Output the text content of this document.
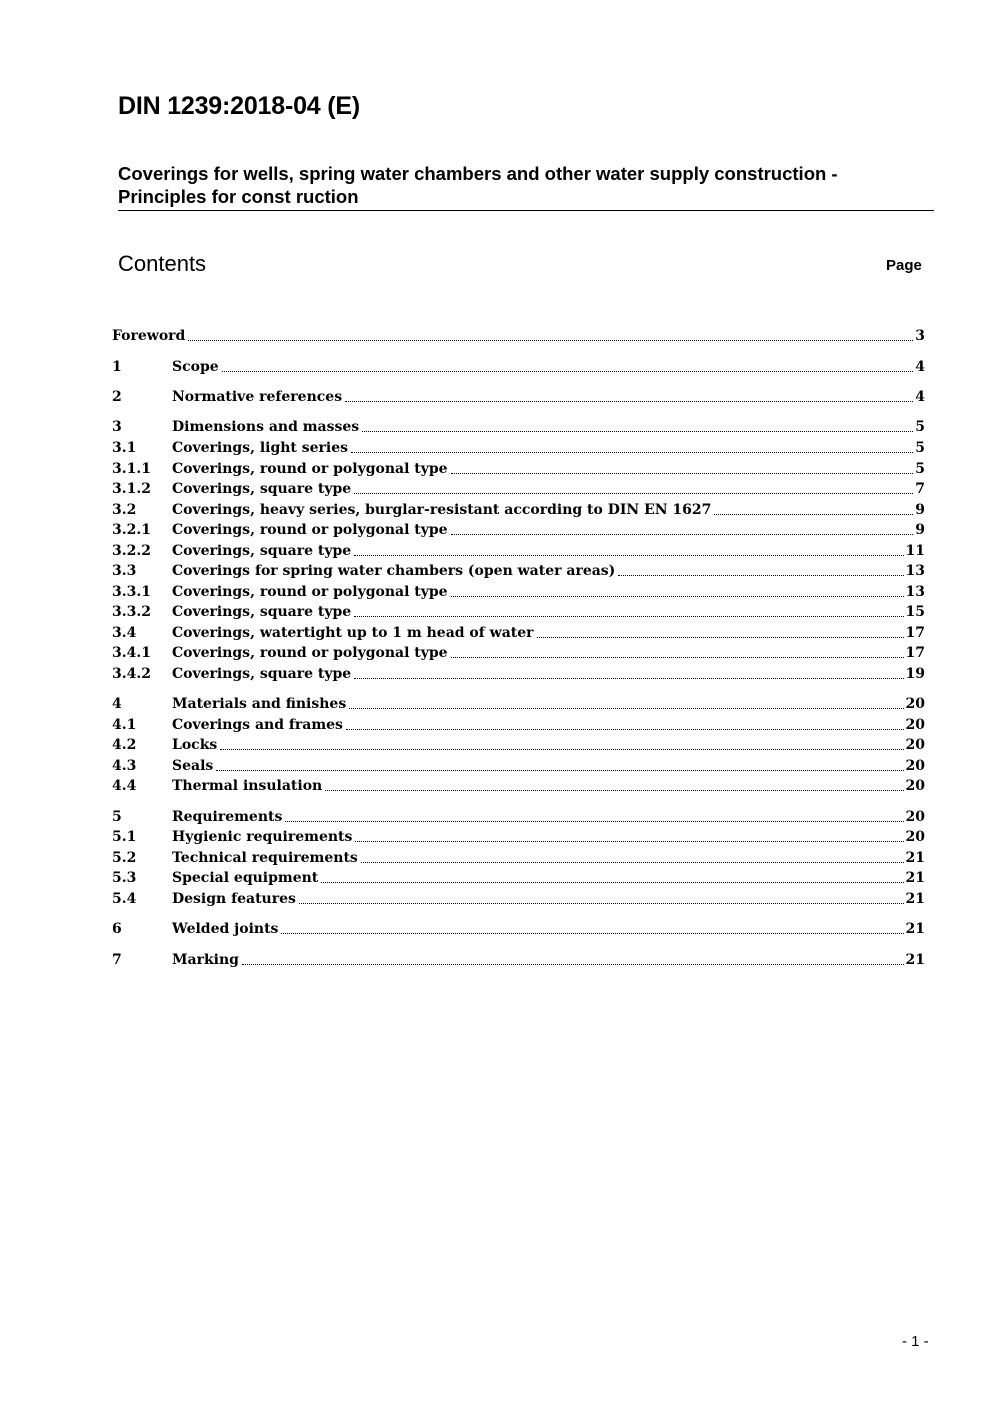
DIN 1239:2018-04 (E)
Coverings for wells, spring water chambers and other water supply construction -
Principles for const ruction
Contents	Page
Foreword	3
1	Scope	4
2	Normative references	4
3	Dimensions and masses	5
3.1	Coverings, light series	5
3.1.1	Coverings, round or polygonal type	5
3.1.2	Coverings, square type	7
3.2	Coverings, heavy series, burglar-resistant according to DIN EN 1627	9
3.2.1	Coverings, round or polygonal type	9
3.2.2	Coverings, square type	11
3.3	Coverings for spring water chambers (open water areas)	13
3.3.1	Coverings, round or polygonal type	13
3.3.2	Coverings, square type	15
3.4	Coverings, watertight up to 1 m head of water	17
3.4.1	Coverings, round or polygonal type	17
3.4.2	Coverings, square type	19
4	Materials and finishes	20
4.1	Coverings and frames	20
4.2	Locks	20
4.3	Seals	20
4.4	Thermal insulation	20
5	Requirements	20
5.1	Hygienic requirements	20
5.2	Technical requirements	21
5.3	Special equipment	21
5.4	Design features	21
6	Welded joints	21
7	Marking	21
- 1 -
